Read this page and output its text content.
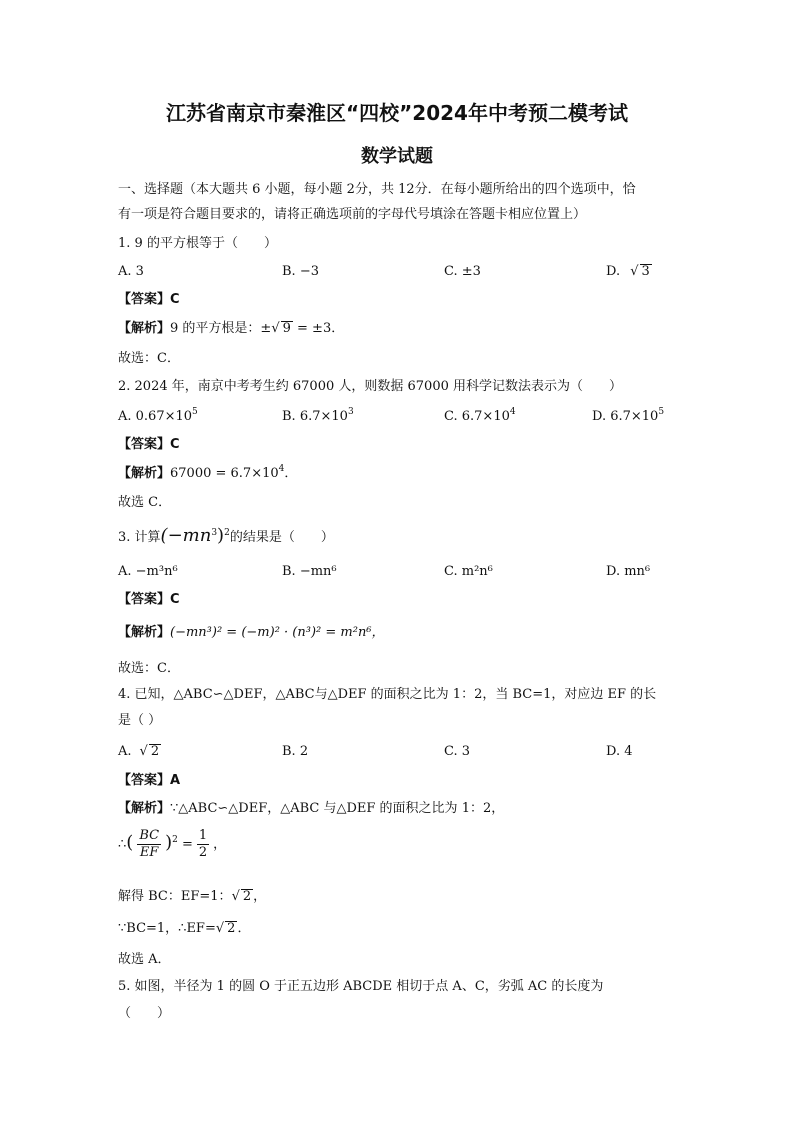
江苏省南京市秦淮区“四校”2024年中考预二模考试
数学试题
一、选择题（本大题共 6 小题，每小题 2分，共 12分．在每小题所给出的四个选项中，恰
有一项是符合题目要求的，请将正确选项前的字母代号填涂在答题卡相应位置上）
1. 9 的平方根等于（　　）
A. 3	B. −3	C. ±3	D. √ 3
【答案】C
【解析】9 的平方根是：±√ 9 = ±3．
故选：C．
2. 2024 年，南京中考考生约 67000 人，则数据 67000 用科学记数法表示为（　　）
A. $0.67\times 10^5$	B. $6.7\times 10^3$	C. $6.7\times 10^4$	D. $6.7\times 10^5$
【答案】C
【解析】$67000 = 6.7\times 10^4$．
故选 C．
3. 计算$(-mn^3)^2$的结果是（　　）
A. −m³n⁶	B. −mn⁶	C. m²n⁶	D. mn⁶
【答案】C
【解析】(−mn³)² = (−m)² · (n³)² = m²n⁶，
故选：C．
4. 已知，△ABC∽△DEF，△ABC与△DEF 的面积之比为 1：2，当 BC=1，对应边 EF 的长
是（ ）
A. √ 2	B. 2	C. 3	D. 4
【答案】A
【解析】∵△ABC∽△DEF，△ABC 与△DEF 的面积之比为 1：2，
∴( $\frac{BC}{EF} )^2 = \frac{1}{2}$ ，
解得 BC：EF=1：√ 2 ，
∵BC=1，∴EF=√ 2 ．
故选 A．
5. 如图，半径为 1 的圆 O 于正五边形 ABCDE 相切于点 A、C，劣弧 AC 的长度为
（　　）
